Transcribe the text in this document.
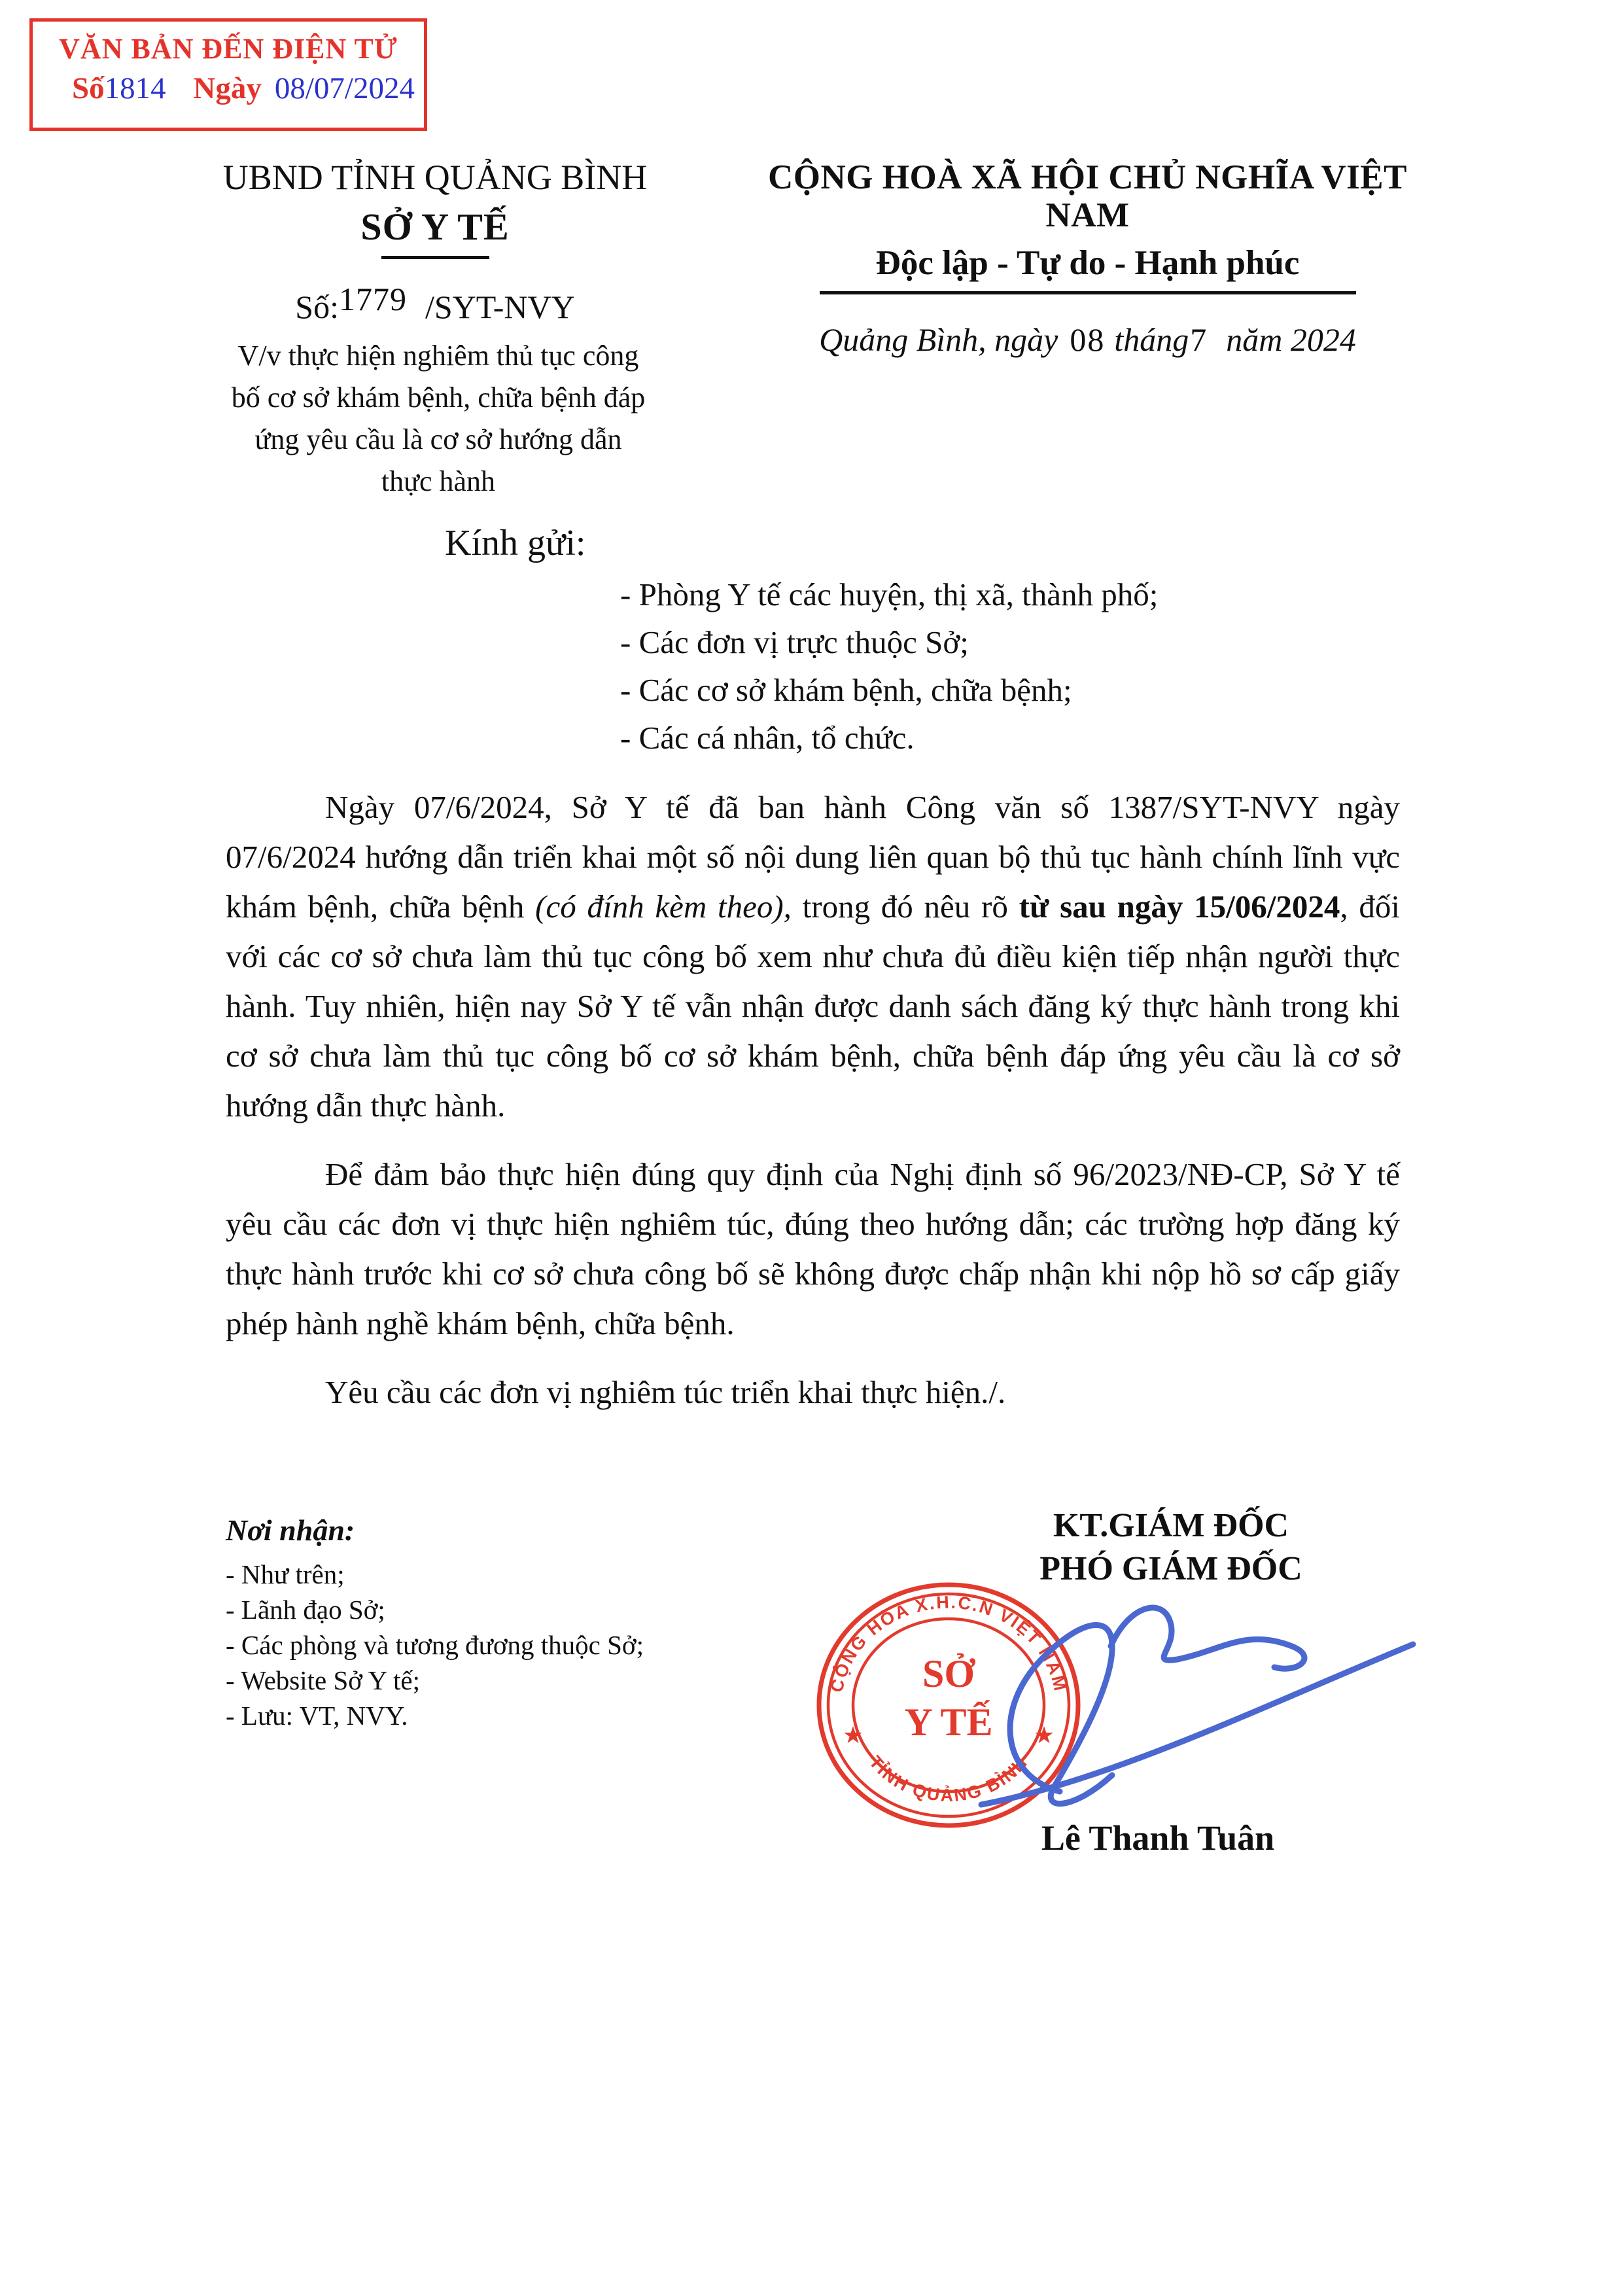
VĂN BẢN ĐẾN ĐIỆN TỬ
Số 1814 Ngày 08/07/2024
UBND TỈNH QUẢNG BÌNH
SỞ Y TẾ
Số:1779 /SYT-NVY
CỘNG HOÀ XÃ HỘI CHỦ NGHĨA VIỆT NAM
Độc lập - Tự do - Hạnh phúc
Quảng Bình, ngày 08 tháng7 năm 2024
V/v thực hiện nghiêm thủ tục công
bố cơ sở khám bệnh, chữa bệnh đáp
ứng yêu cầu là cơ sở hướng dẫn
thực hành
Kính gửi:
- Phòng Y tế các huyện, thị xã, thành phố;
- Các đơn vị trực thuộc Sở;
- Các cơ sở khám bệnh, chữa bệnh;
- Các cá nhân, tổ chức.

Ngày 07/6/2024, Sở Y tế đã ban hành Công văn số 1387/SYT-NVY ngày 07/6/2024 hướng dẫn triển khai một số nội dung liên quan bộ thủ tục hành chính lĩnh vực khám bệnh, chữa bệnh (có đính kèm theo), trong đó nêu rõ từ sau ngày 15/06/2024, đối với các cơ sở chưa làm thủ tục công bố xem như chưa đủ điều kiện tiếp nhận người thực hành. Tuy nhiên, hiện nay Sở Y tế vẫn nhận được danh sách đăng ký thực hành trong khi cơ sở chưa làm thủ tục công bố cơ sở khám bệnh, chữa bệnh đáp ứng yêu cầu là cơ sở hướng dẫn thực hành.

Để đảm bảo thực hiện đúng quy định của Nghị định số 96/2023/NĐ-CP, Sở Y tế yêu cầu các đơn vị thực hiện nghiêm túc, đúng theo hướng dẫn; các trường hợp đăng ký thực hành trước khi cơ sở chưa công bố sẽ không được chấp nhận khi nộp hồ sơ cấp giấy phép hành nghề khám bệnh, chữa bệnh.

Yêu cầu các đơn vị nghiêm túc triển khai thực hiện./.

Nơi nhận:
- Như trên;
- Lãnh đạo Sở;
- Các phòng và tương đương thuộc Sở;
- Website Sở Y tế;
- Lưu: VT, NVY.
KT.GIÁM ĐỐC
PHÓ GIÁM ĐỐC
CỘNG HÒA X.H.C.N VIỆT NAM
TỈNH QUẢNG BÌNH
★	★
SỞ
Y TẾ
Lê Thanh Tuân
